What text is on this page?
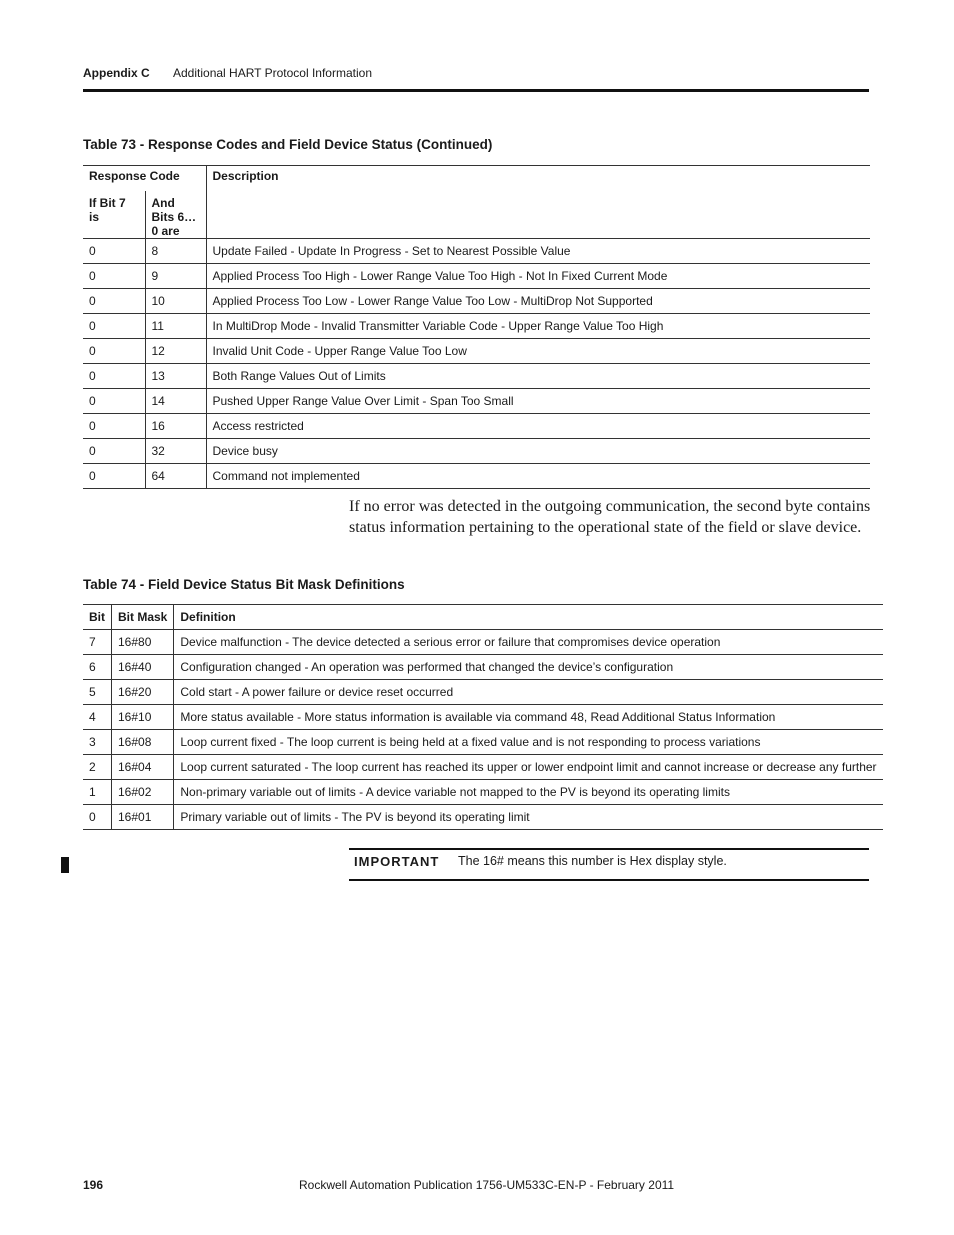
Appendix C Additional HART Protocol Information
Table 73 - Response Codes and Field Device Status (Continued)
Response Code		Description
If Bit 7 is	And Bits 6…0 are	
0	8	Update Failed - Update In Progress - Set to Nearest Possible Value
0	9	Applied Process Too High - Lower Range Value Too High - Not In Fixed Current Mode
0	10	Applied Process Too Low - Lower Range Value Too Low - MultiDrop Not Supported
0	11	In MultiDrop Mode - Invalid Transmitter Variable Code - Upper Range Value Too High
0	12	Invalid Unit Code - Upper Range Value Too Low
0	13	Both Range Values Out of Limits
0	14	Pushed Upper Range Value Over Limit - Span Too Small
0	16	Access restricted
0	32	Device busy
0	64	Command not implemented
If no error was detected in the outgoing communication, the second byte contains status information pertaining to the operational state of the field or slave device.
Table 74 - Field Device Status Bit Mask Definitions
Bit	Bit Mask	Definition
7	16#80	Device malfunction - The device detected a serious error or failure that compromises device operation
6	16#40	Configuration changed - An operation was performed that changed the device’s configuration
5	16#20	Cold start - A power failure or device reset occurred
4	16#10	More status available - More status information is available via command 48, Read Additional Status Information
3	16#08	Loop current fixed - The loop current is being held at a fixed value and is not responding to process variations
2	16#04	Loop current saturated - The loop current has reached its upper or lower endpoint limit and cannot increase or decrease any further
1	16#02	Non-primary variable out of limits - A device variable not mapped to the PV is beyond its operating limits
0	16#01	Primary variable out of limits - The PV is beyond its operating limit
IMPORTANT The 16# means this number is Hex display style.
196	Rockwell Automation Publication 1756-UM533C-EN-P - February 2011
